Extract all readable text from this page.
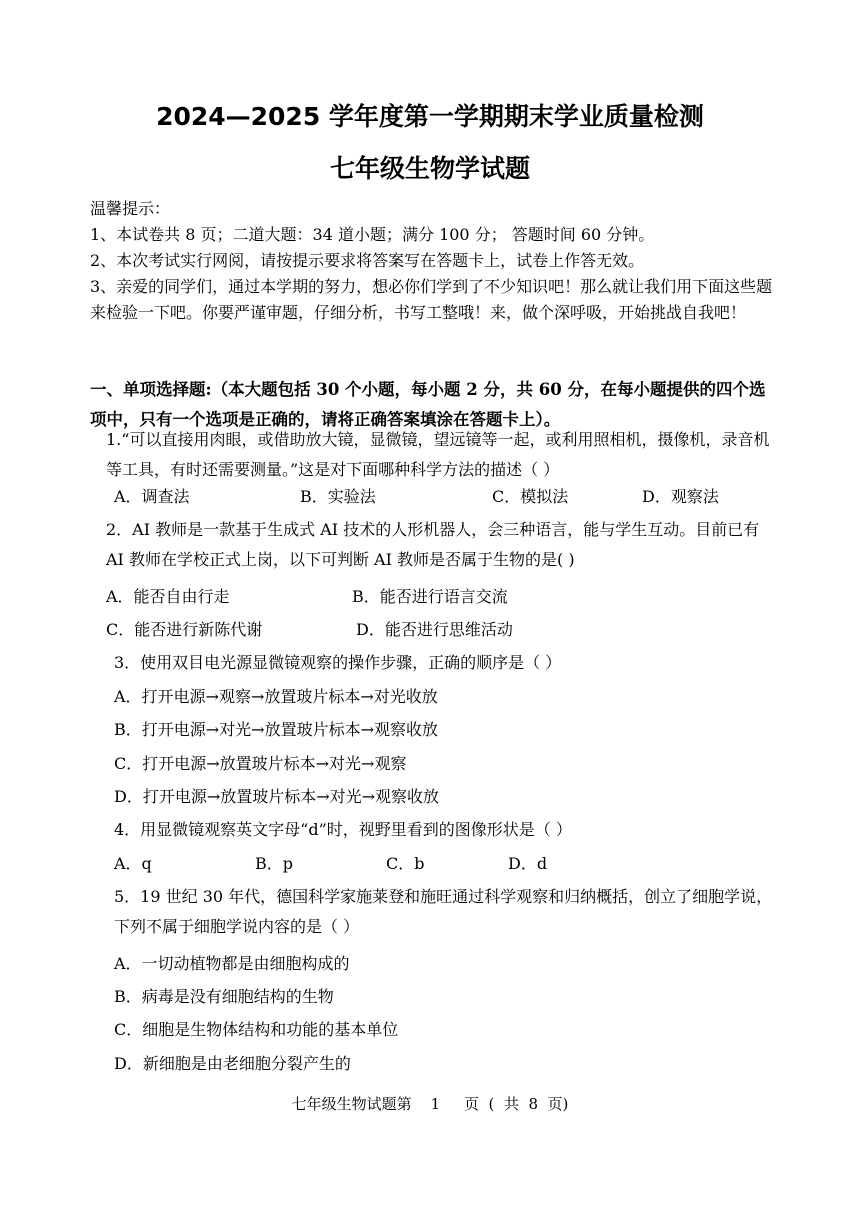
2024—2025 学年度第一学期期末学业质量检测
七年级生物学试题
温馨提示：
1、本试卷共 8 页；二道大题：34 道小题；满分 100 分； 答题时间 60 分钟。
2、本次考试实行网阅，请按提示要求将答案写在答题卡上，试卷上作答无效。
3、亲爱的同学们，通过本学期的努力，想必你们学到了不少知识吧！那么就让我们用下面这些题来检验一下吧。你要严谨审题，仔细分析，书写工整哦！来，做个深呼吸，开始挑战自我吧！
一、单项选择题:（本大题包括 30 个小题，每小题 2 分，共 60 分，在每小题提供的四个选项中，只有一个选项是正确的，请将正确答案填涂在答题卡上）。
1.“可以直接用肉眼，或借助放大镜，显微镜，望远镜等一起，或利用照相机，摄像机，录音机等工具，有时还需要测量。”这是对下面哪种科学方法的描述（ ）
A．调查法	B．实验法	C．模拟法	D．观察法
2．AI 教师是一款基于生成式 AI 技术的人形机器人，会三种语言，能与学生互动。目前已有 AI 教师在学校正式上岗，以下可判断 AI 教师是否属于生物的是( )
A．能否自由行走	B．能否进行语言交流
C．能否进行新陈代谢	D．能否进行思维活动
3．使用双目电光源显微镜观察的操作步骤，正确的顺序是（ ）
A．打开电源→观察→放置玻片标本→对光收放
B．打开电源→对光→放置玻片标本→观察收放
C．打开电源→放置玻片标本→对光→观察
D．打开电源→放置玻片标本→对光→观察收放
4．用显微镜观察英文字母“d”时，视野里看到的图像形状是（ ）
A．q	B．p	C．b	D．d
5．19 世纪 30 年代，德国科学家施莱登和施旺通过科学观察和归纳概括，创立了细胞学说，下列不属于细胞学说内容的是（ ）
A．一切动植物都是由细胞构成的
B．病毒是没有细胞结构的生物
C．细胞是生物体结构和功能的基本单位
D．新细胞是由老细胞分裂产生的
七年级生物试题第    1     页  (  共  8  页)
